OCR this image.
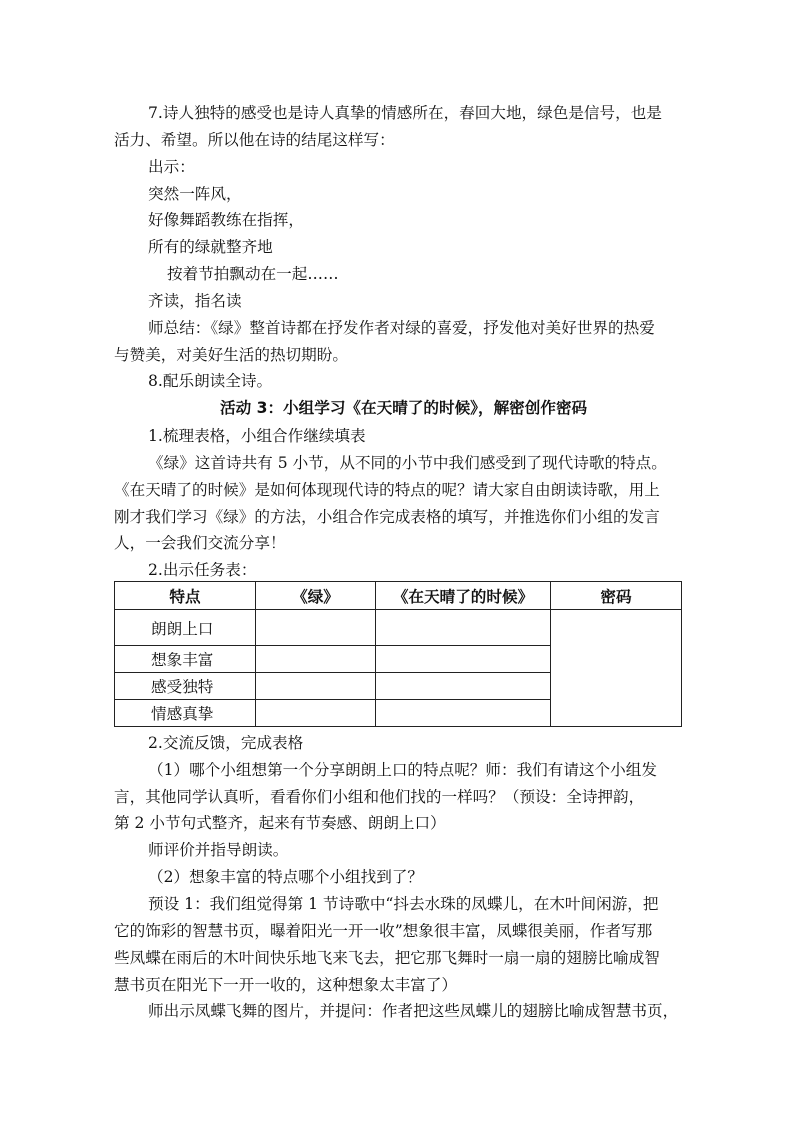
7.诗人独特的感受也是诗人真挚的情感所在，春回大地，绿色是信号，也是
活力、希望。所以他在诗的结尾这样写：
出示：
突然一阵风，
好像舞蹈教练在指挥，
所有的绿就整齐地
按着节拍飘动在一起……
齐读，指名读
师总结：《绿》整首诗都在抒发作者对绿的喜爱，抒发他对美好世界的热爱
与赞美，对美好生活的热切期盼。
8.配乐朗读全诗。
活动 3：小组学习《在天晴了的时候》，解密创作密码
1.梳理表格，小组合作继续填表
《绿》这首诗共有 5 小节，从不同的小节中我们感受到了现代诗歌的特点。
《在天晴了的时候》是如何体现现代诗的特点的呢？请大家自由朗读诗歌，用上
刚才我们学习《绿》的方法，小组合作完成表格的填写，并推选你们小组的发言
人，一会我们交流分享！
2.出示任务表：
特点	《绿》	《在天晴了的时候》	密码
朗朗上口			
想象丰富			
感受独特			
情感真挚			
2.交流反馈，完成表格
（1）哪个小组想第一个分享朗朗上口的特点呢？师：我们有请这个小组发
言，其他同学认真听，看看你们小组和他们找的一样吗？（预设：全诗押韵，
第 2 小节句式整齐，起来有节奏感、朗朗上口）
师评价并指导朗读。
（2）想象丰富的特点哪个小组找到了？
预设 1：我们组觉得第 1 节诗歌中“抖去水珠的凤蝶儿，在木叶间闲游，把
它的饰彩的智慧书页，曝着阳光一开一收”想象很丰富，凤蝶很美丽，作者写那
些凤蝶在雨后的木叶间快乐地飞来飞去，把它那飞舞时一扇一扇的翅膀比喻成智
慧书页在阳光下一开一收的，这种想象太丰富了）
师出示凤蝶飞舞的图片，并提问：作者把这些凤蝶儿的翅膀比喻成智慧书页，
